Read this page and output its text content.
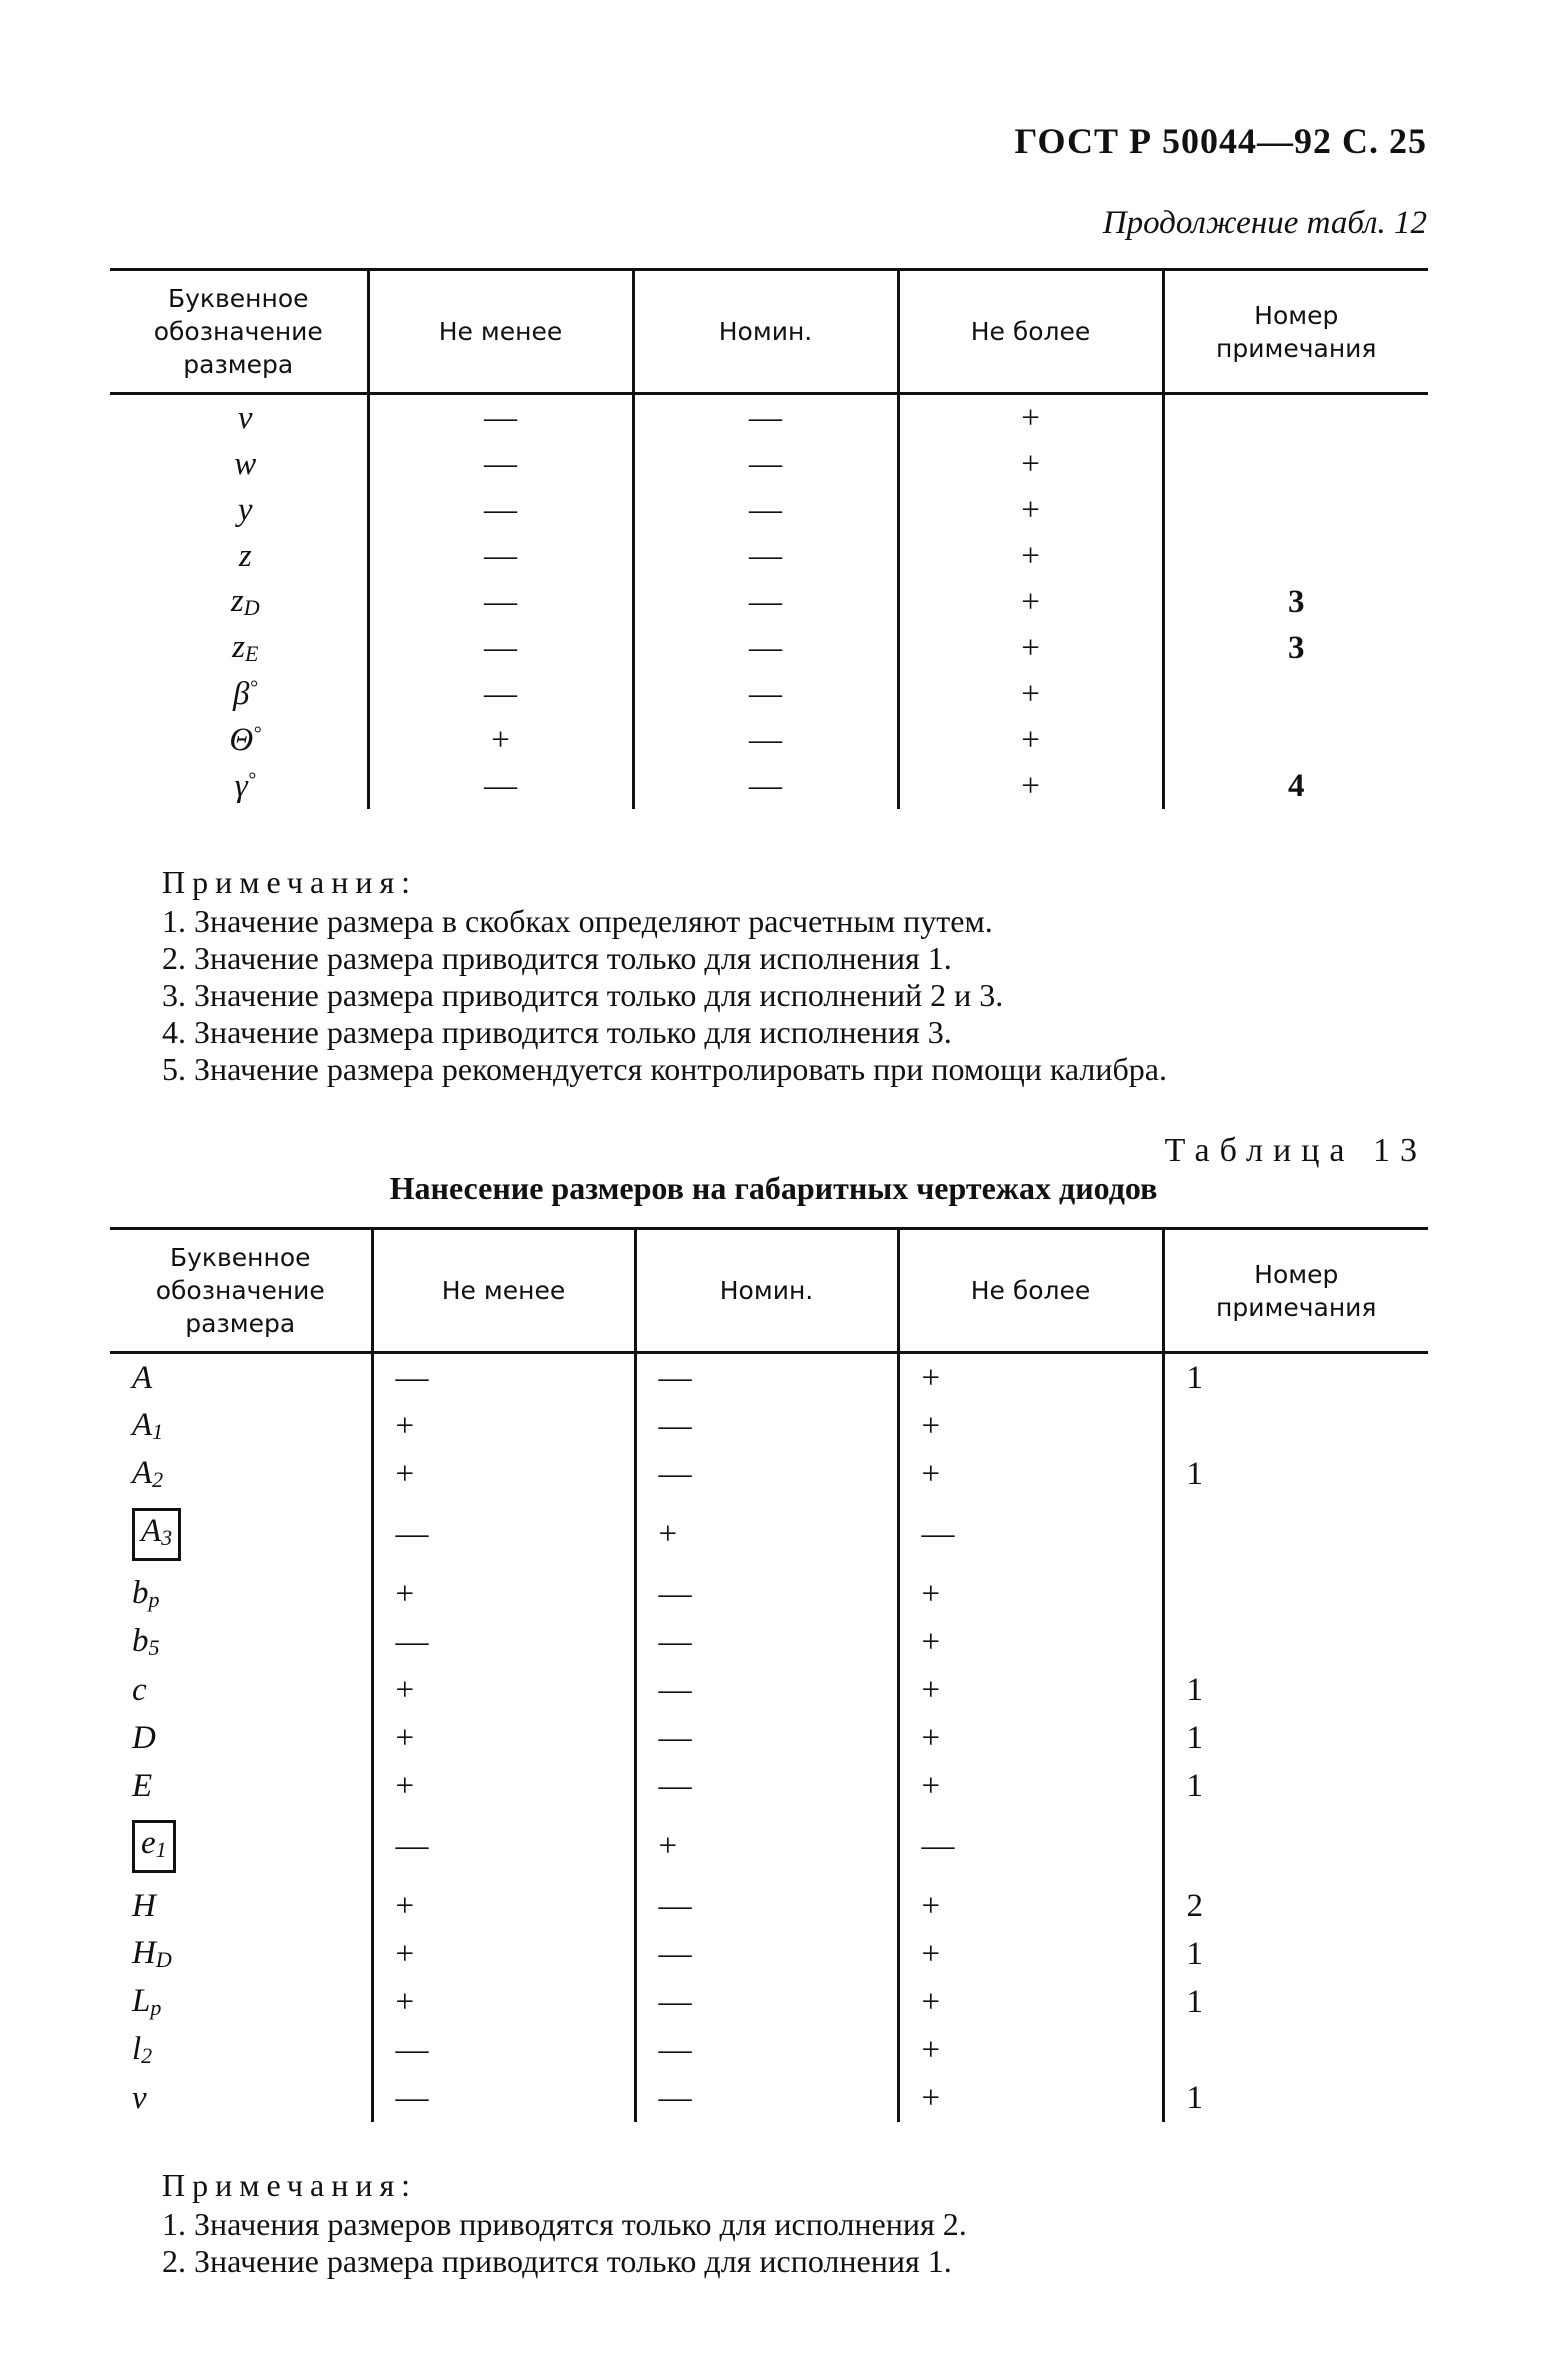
ГОСТ Р 50044—92 С. 25
Продолжение табл. 12
Буквенное обозначение размера	Не менее	Номин.	Не более	Номер примечания
v	—	—	+	
w	—	—	+	
y	—	—	+	
z	—	—	+	
$z_D$	—	—	+	3
$z_E$	—	—	+	3
β°	—	—	+	
Θ°	+	—	+	
γ°	—	—	+	4
Примечания:
1. Значение размера в скобках определяют расчетным путем.
2. Значение размера приводится только для исполнения 1.
3. Значение размера приводится только для исполнений 2 и 3.
4. Значение размера приводится только для исполнения 3.
5. Значение размера рекомендуется контролировать при помощи калибра.
Таблица 13
Нанесение размеров на габаритных чертежах диодов
Буквенное обозначение размера	Не менее	Номин.	Не более	Номер примечания
A	—	—	+	1
$A_1$	+	—	+	
$A_2$	+	—	+	1
$A_3$	—	+	—	
$b_p$	+	—	+	
$b_5$	—	—	+	
c	+	—	+	1
D	+	—	+	1
E	+	—	+	1
$e_1$	—	+	—	
H	+	—	+	2
$H_D$	+	—	+	1
$L_p$	+	—	+	1
$l_2$	—	—	+	
v	—	—	+	1
Примечания:
1. Значения размеров приводятся только для исполнения 2.
2. Значение размера приводится только для исполнения 1.
